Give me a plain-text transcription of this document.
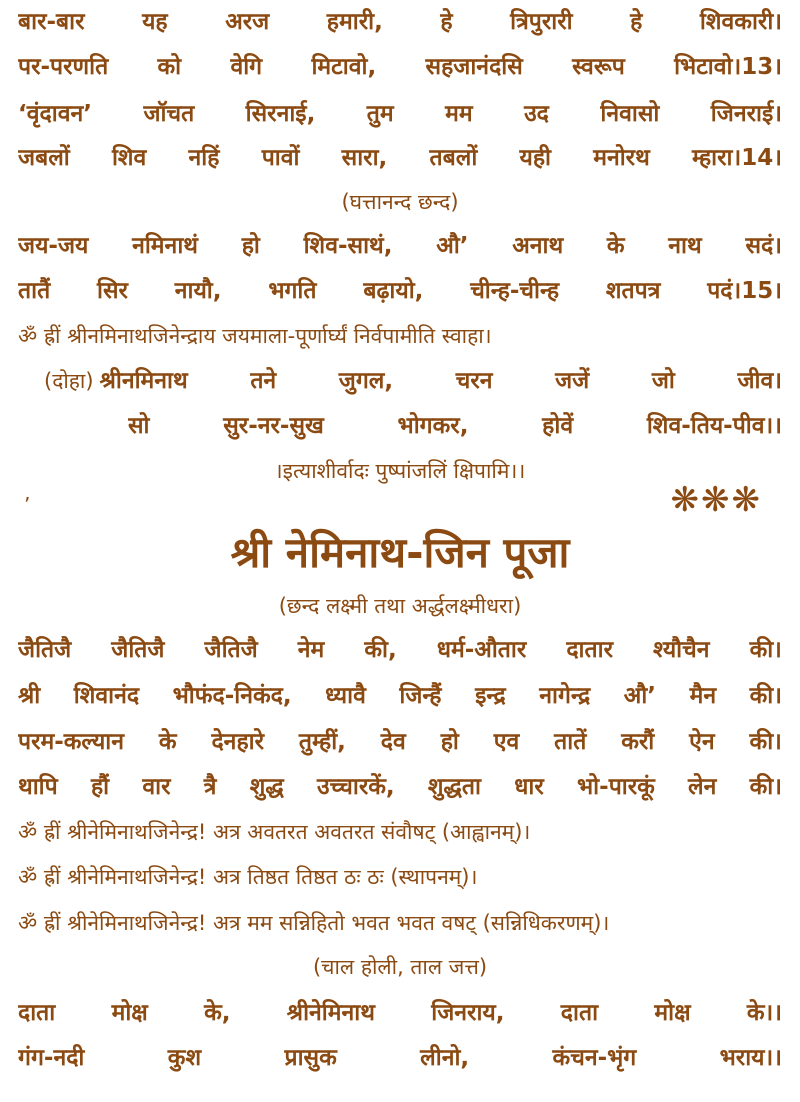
बार-बार	यह	अरज	हमारी,	हे	त्रिपुरारी	हे	शिवकारी।
पर-परणति को वेगि मिटावो, सहजानंदसि स्वरूप भिटावो।13।
‘वृंदावन’ जॉचत सिरनाई, तुम मम उद निवासो जिनराई।
जबलों शिव नहिं पावों सारा, तबलों यही मनोरथ म्हारा।14।
(घत्तानन्द छन्द)
जय-जय नमिनाथं हो शिव-साथं, औ’ अनाथ के नाथ सदं।
तातैं सिर नायौ, भगति बढ़ायो, चीन्ह-चीन्ह शतपत्र पदं।15।
ॐ ह्रीं श्रीनमिनाथजिनेन्द्राय जयमाला-पूर्णार्घ्यं निर्वपामीति स्वाहा।
(दोहा) श्रीनमिनाथ	तने	जुगल,	चरन	जजें	जो	जीव।
सो	सुर-नर-सुख	भोगकर,	होवें	शिव-तिय-पीव।।
।इत्याशीर्वादः पुष्पांजलिं क्षिपामि।।
’	❋❋❋
श्री नेमिनाथ-जिन पूजा
(छन्द लक्ष्मी तथा अर्द्धलक्ष्मीधरा)
जैतिजै जैतिजै जैतिजै नेम की, धर्म-औतार दातार श्यौचैन की।
श्री शिवानंद भौफंद-निकंद, ध्यावै जिन्हैं इन्द्र नागेन्द्र औ’ मैन की।
परम-कल्यान के देनहारे तुम्हीं, देव हो एव तातें करौं ऐन की।
थापि हौं वार त्रै शुद्ध उच्चारकें, शुद्धता धार भो-पारकूं लेन की।
ॐ ह्रीं श्रीनेमिनाथजिनेन्द्र! अत्र अवतरत अवतरत संवौषट् (आह्वानम्)।
ॐ ह्रीं श्रीनेमिनाथजिनेन्द्र! अत्र तिष्ठत तिष्ठत ठः ठः (स्थापनम्)।
ॐ ह्रीं श्रीनेमिनाथजिनेन्द्र! अत्र मम सन्निहितो भवत भवत वषट् (सन्निधिकरणम्)।
(चाल होली, ताल जत्त)
दाता मोक्ष के, श्रीनेमिनाथ जिनराय, दाता मोक्ष के।।
गंग-नदी	कुश	प्रासुक	लीनो,	कंचन-भृंग	भराय।।
